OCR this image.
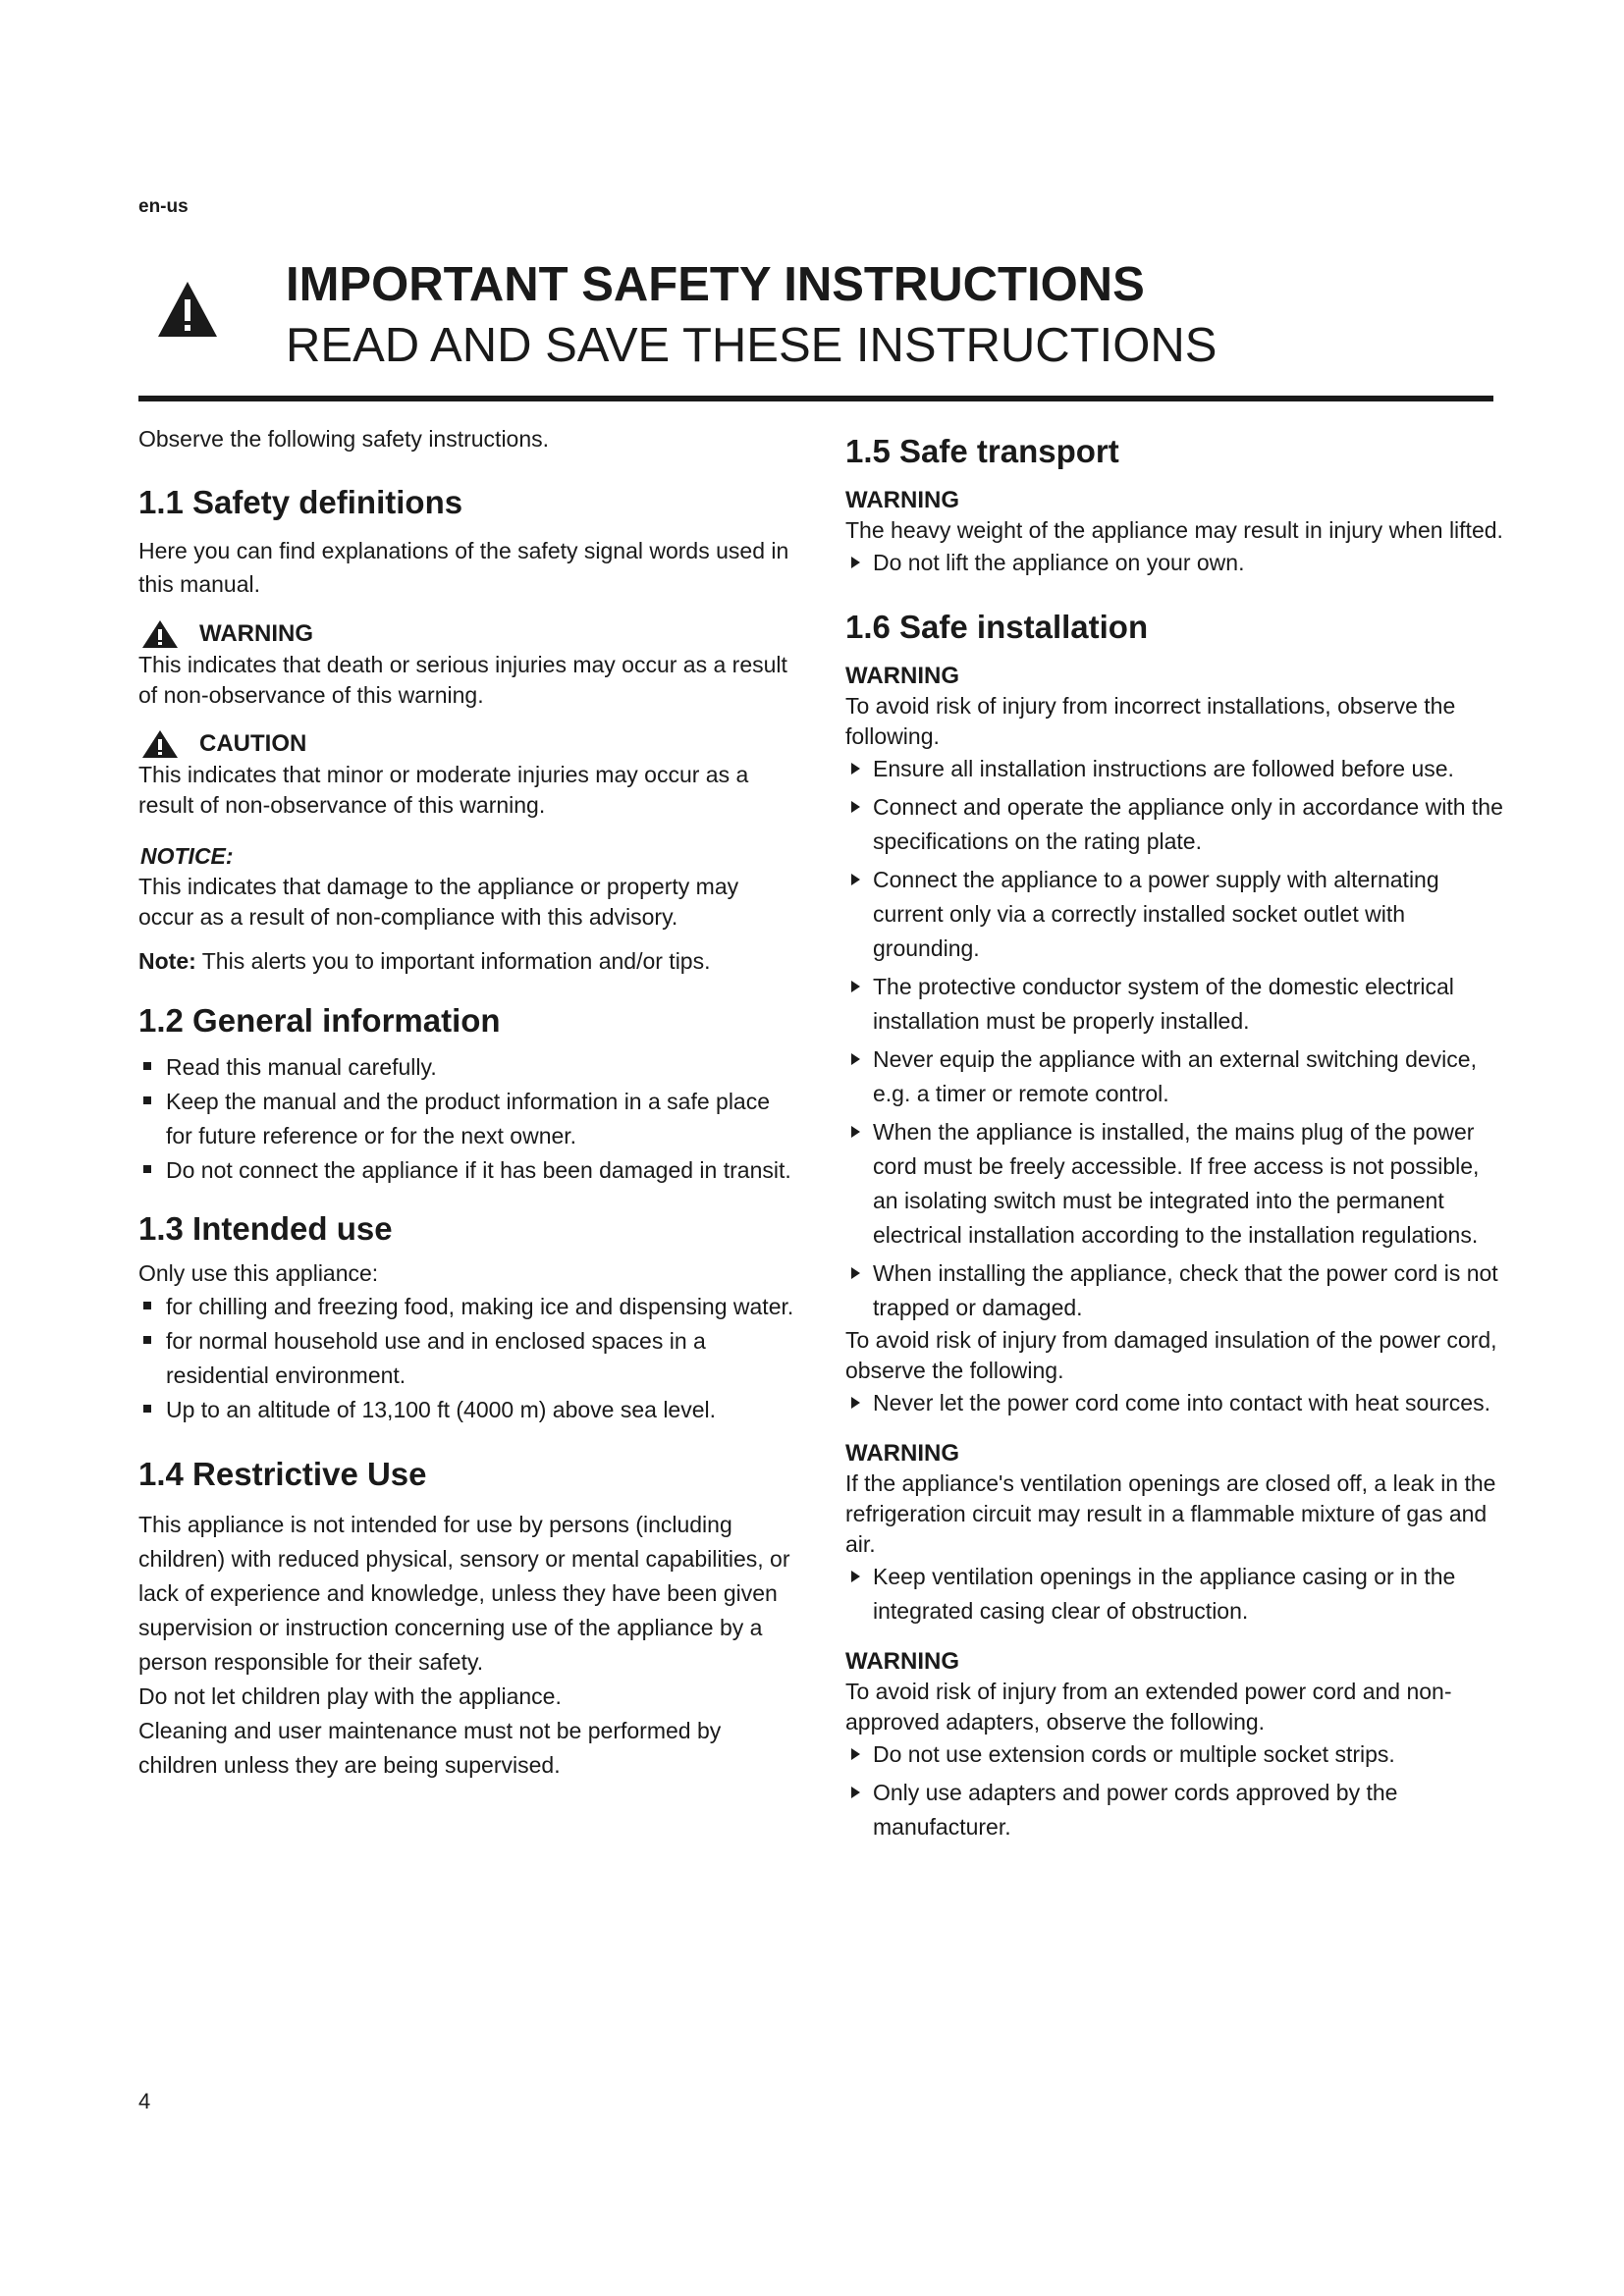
en-us
IMPORTANT SAFETY INSTRUCTIONS
READ AND SAVE THESE INSTRUCTIONS

Observe the following safety instructions.

1.1 Safety definitions

Here you can find explanations of the safety signal words used in this manual.

WARNING

This indicates that death or serious injuries may occur as a result of non-observance of this warning.

CAUTION

This indicates that minor or moderate injuries may occur as a result of non-observance of this warning.

NOTICE:

This indicates that damage to the appliance or property may occur as a result of non-compliance with this advisory.

Note: This alerts you to important information and/or tips.

1.2 General information
Read this manual carefully.
Keep the manual and the product information in a safe place for future reference or for the next owner.
Do not connect the appliance if it has been damaged in transit.
1.3 Intended use

Only use this appliance:

for chilling and freezing food, making ice and dispensing water.
for normal household use and in enclosed spaces in a residential environment.
Up to an altitude of 13,100 ft (4000 m) above sea level.
1.4 Restrictive Use

This appliance is not intended for use by persons (including children) with reduced physical, sensory or mental capabilities, or lack of experience and knowledge, unless they have been given supervision or instruction concerning use of the appliance by a person responsible for their safety.

Do not let children play with the appliance.

Cleaning and user maintenance must not be performed by children unless they are being supervised.

1.5 Safe transport
WARNING

The heavy weight of the appliance may result in injury when lifted.

Do not lift the appliance on your own.
1.6 Safe installation
WARNING

To avoid risk of injury from incorrect installations, observe the following.

Ensure all installation instructions are followed before use.
Connect and operate the appliance only in accordance with the specifications on the rating plate.
Connect the appliance to a power supply with alternating current only via a correctly installed socket outlet with grounding.
The protective conductor system of the domestic electrical installation must be properly installed.
Never equip the appliance with an external switching device, e.g. a timer or remote control.
When the appliance is installed, the mains plug of the power cord must be freely accessible. If free access is not possible, an isolating switch must be integrated into the permanent electrical installation according to the installation regulations.
When installing the appliance, check that the power cord is not trapped or damaged.

To avoid risk of injury from damaged insulation of the power cord, observe the following.

Never let the power cord come into contact with heat sources.
WARNING

If the appliance's ventilation openings are closed off, a leak in the refrigeration circuit may result in a flammable mixture of gas and air.

Keep ventilation openings in the appliance casing or in the integrated casing clear of obstruction.
WARNING

To avoid risk of injury from an extended power cord and non-approved adapters, observe the following.

Do not use extension cords or multiple socket strips.
Only use adapters and power cords approved by the manufacturer.
4
